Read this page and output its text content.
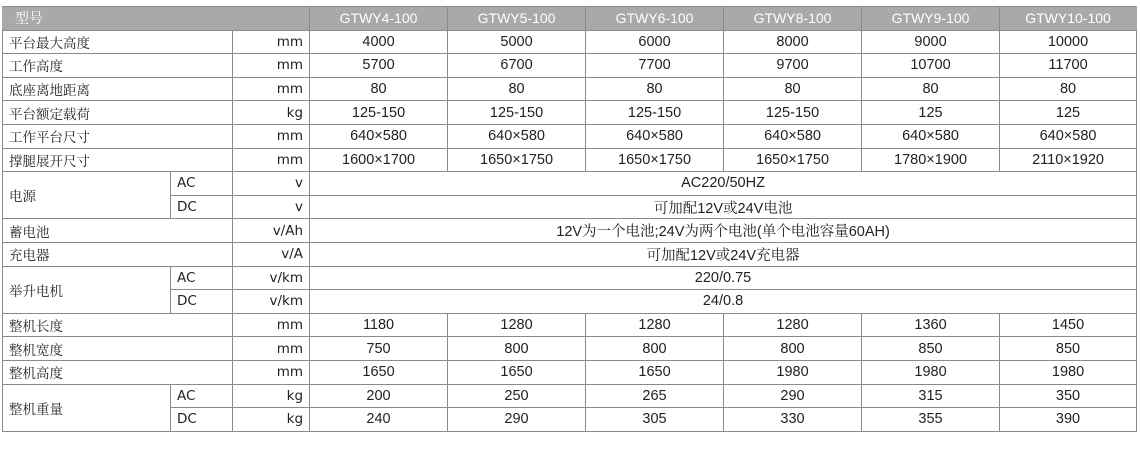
型号			GTWY4-100	GTWY5-100	GTWY6-100	GTWY8-100	GTWY9-100	GTWY10-100
平台最大高度		mm	4000	5000	6000	8000	9000	10000
工作高度		mm	5700	6700	7700	9700	10700	11700
底座离地距离		mm	80	80	80	80	80	80
平台额定载荷		kg	125-150	125-150	125-150	125-150	125	125
工作平台尺寸		mm	640×580	640×580	640×580	640×580	640×580	640×580
撑腿展开尺寸		mm	1600×1700	1650×1750	1650×1750	1650×1750	1780×1900	2110×1920
电源	AC	v	AC220/50HZ					
	DC	v	可加配12V或24V电池					
蓄电池		v/Ah	12V为一个电池;24V为两个电池(单个电池容量60AH)					
充电器		v/A	可加配12V或24V充电器					
举升电机	AC	v/km	220/0.75					
	DC	v/km	24/0.8					
整机长度		mm	1180	1280	1280	1280	1360	1450
整机宽度		mm	750	800	800	800	850	850
整机高度		mm	1650	1650	1650	1980	1980	1980
整机重量	AC	kg	200	250	265	290	315	350
	DC	kg	240	290	305	330	355	390
